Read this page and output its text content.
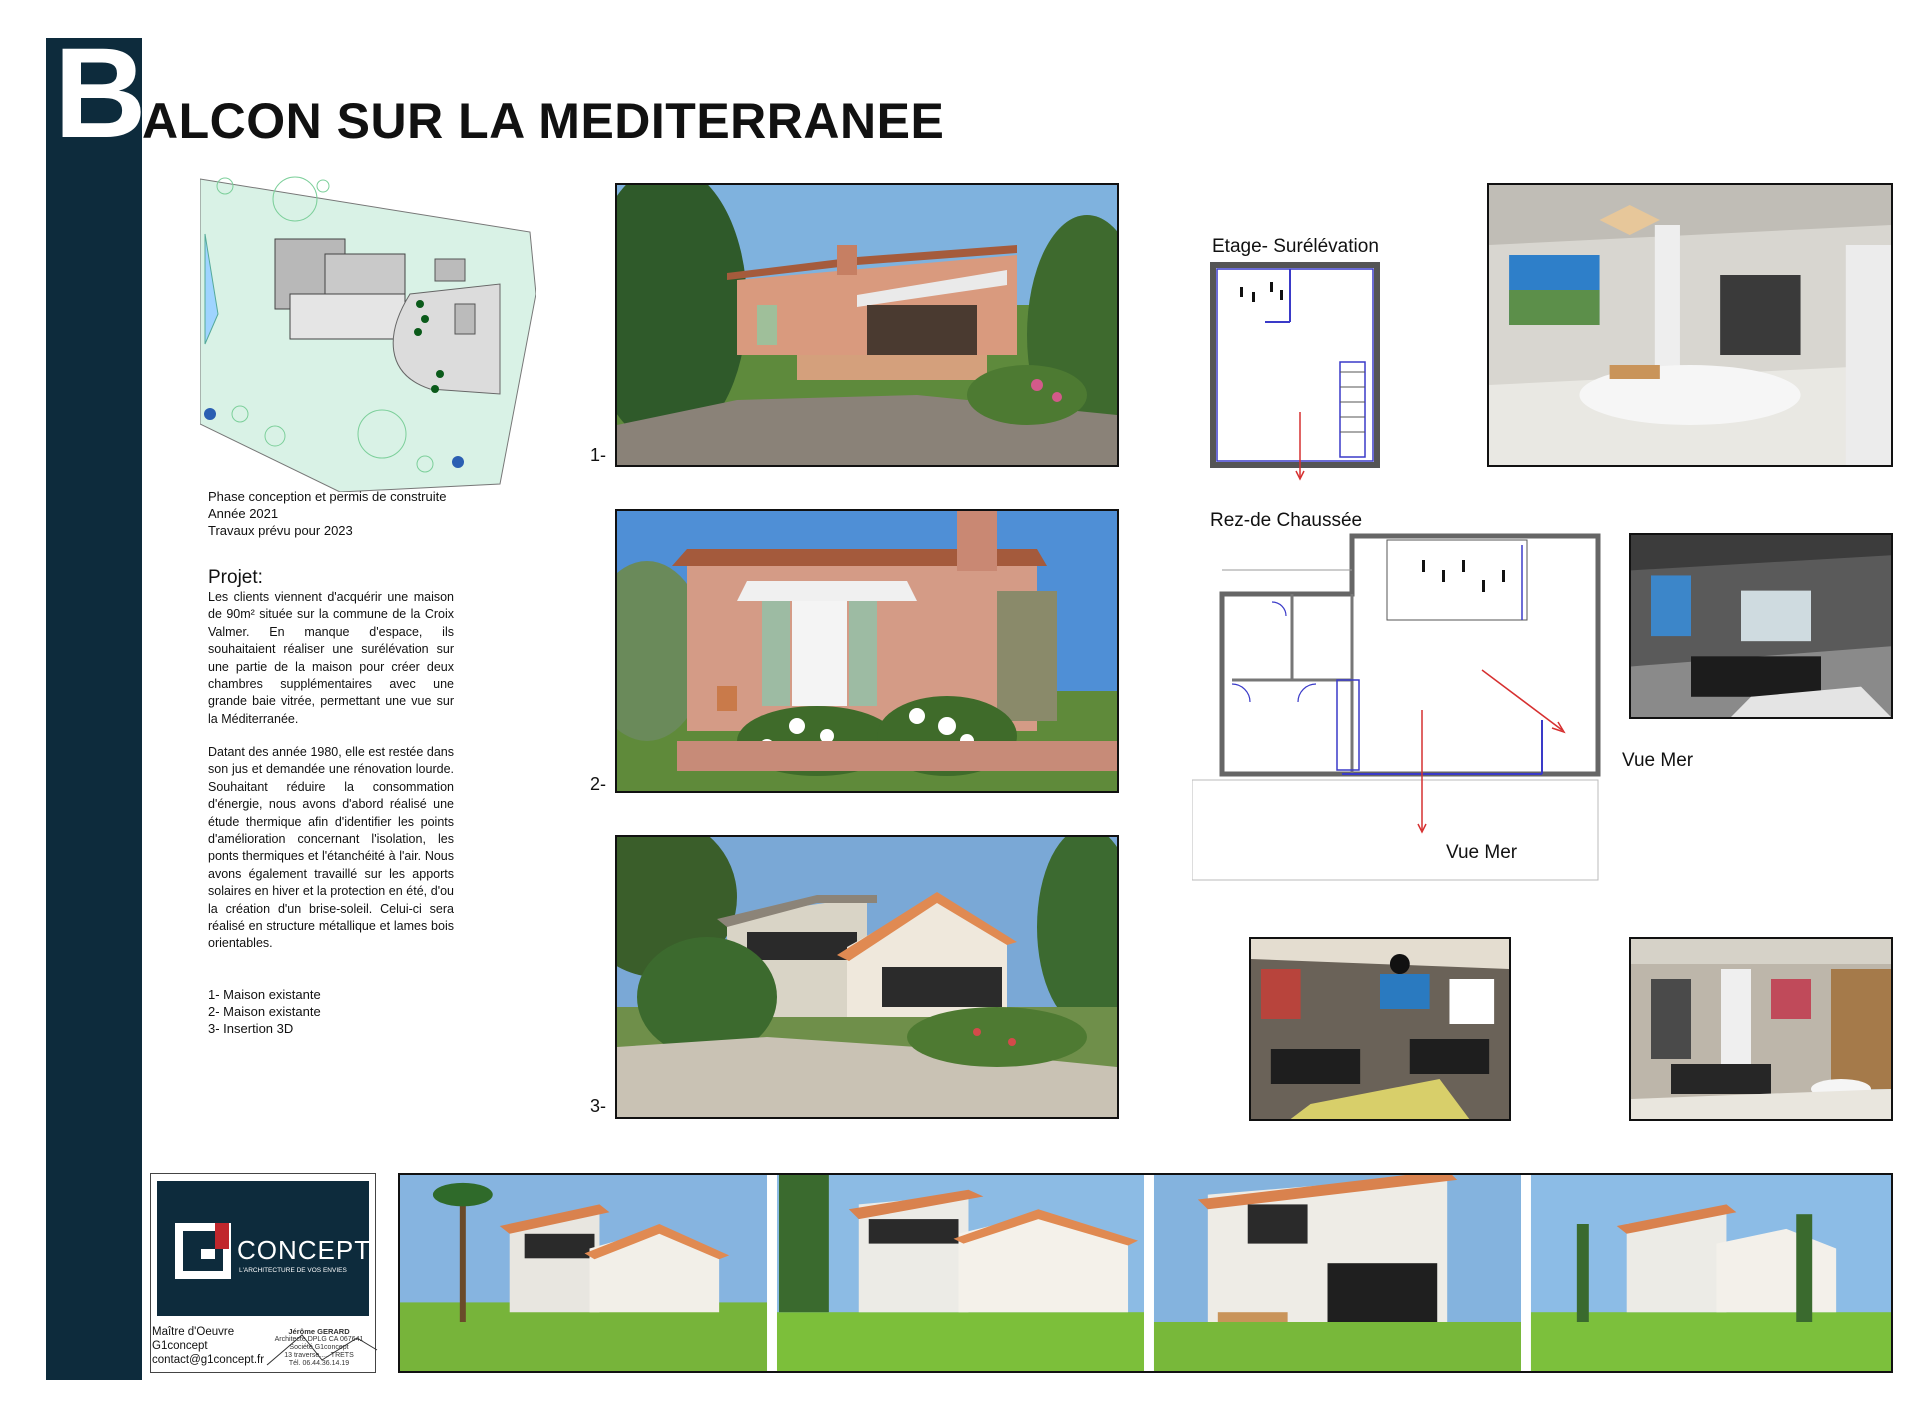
B
ALCON SUR LA MEDITERRANEE
Phase conception et permis de construite
Année 2021
Travaux prévu pour 2023
Projet:
Les clients viennent d'acquérir une maison de 90m² située sur la commune de la Croix Valmer. En manque d'espace, ils souhaitaient réaliser une surélévation sur une partie de la maison pour créer deux chambres supplémentaires avec une grande baie vitrée, permettant une vue sur la Méditerranée.
Datant des année 1980, elle est restée dans son jus et demandée une rénovation lourde. Souhaitant réduire la consommation d'énergie, nous avons d'abord réalisé une étude thermique afin d'identifier les points d'amélioration concernant l'isolation, les ponts thermiques et l'étanchéité à l'air. Nous avons également travaillé sur les apports solaires en hiver et la protection en été, d'ou la création d'un brise-soleil. Celui-ci sera réalisé en structure métallique et lames bois orientables.
1- Maison existante
2- Maison existante
3- Insertion 3D
1-
2-
3-
Etage- Surélévation
Rez-de Chaussée
Vue Mer
Vue Mer
CONCEPT
L'ARCHITECTURE DE VOS ENVIES
Maître d'Oeuvre
G1concept
contact@g1concept.fr
Jérôme GERARD
Architecte DPLG CA 067641
Société G1concept
13 traverse..... TRETS
Tél. 06.44.36.14.19
